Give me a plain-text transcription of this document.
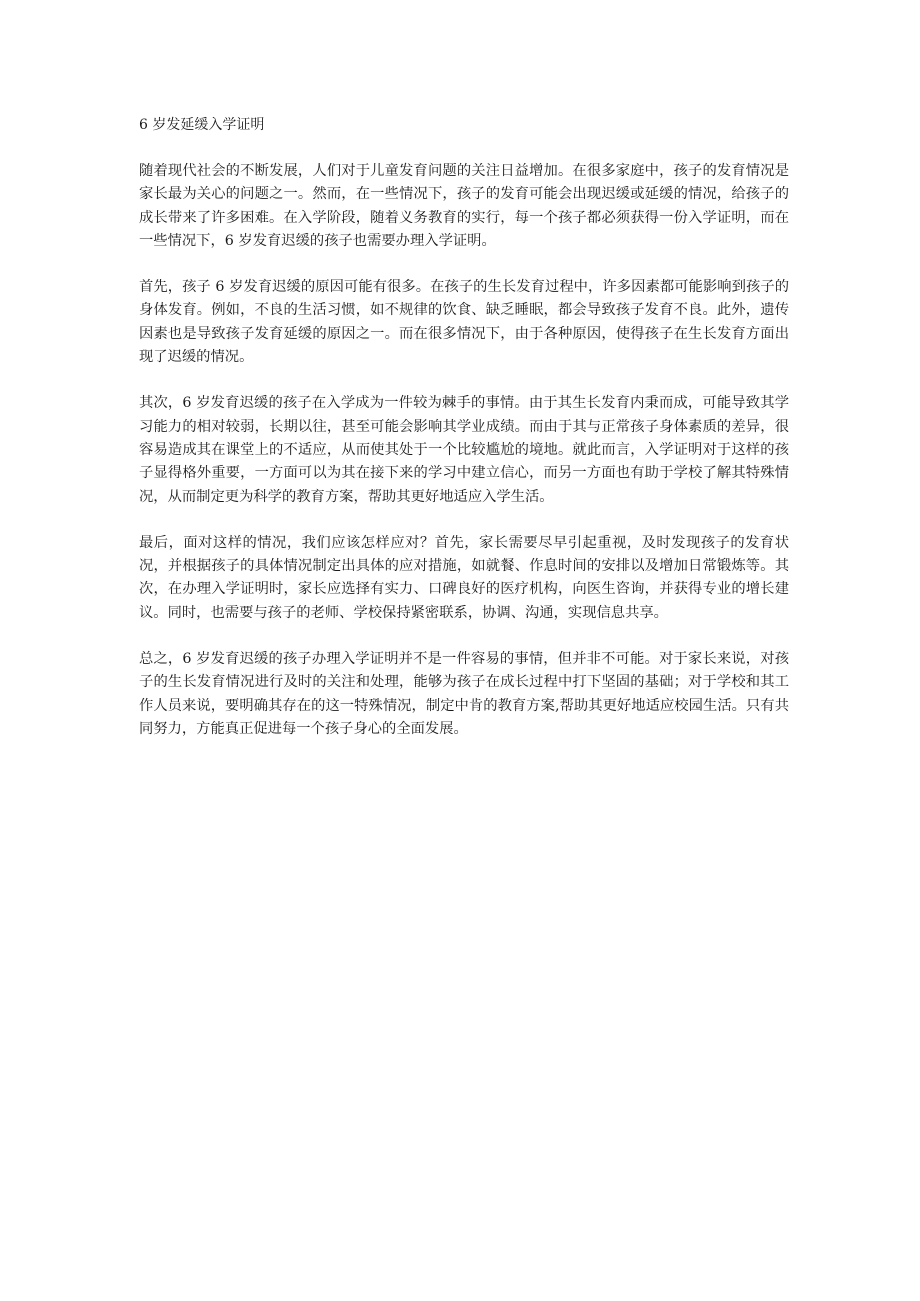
6 岁发延缓入学证明

随着现代社会的不断发展，人们对于儿童发育问题的关注日益增加。在很多家庭中，孩子的发育情况是家长最为关心的问题之一。然而，在一些情况下，孩子的发育可能会出现迟缓或延缓的情况，给孩子的成长带来了许多困难。在入学阶段，随着义务教育的实行，每一个孩子都必须获得一份入学证明，而在一些情况下，6 岁发育迟缓的孩子也需要办理入学证明。

首先，孩子 6 岁发育迟缓的原因可能有很多。在孩子的生长发育过程中，许多因素都可能影响到孩子的身体发育。例如，不良的生活习惯，如不规律的饮食、缺乏睡眠，都会导致孩子发育不良。此外，遗传因素也是导致孩子发育延缓的原因之一。而在很多情况下，由于各种原因，使得孩子在生长发育方面出现了迟缓的情况。

其次，6 岁发育迟缓的孩子在入学成为一件较为棘手的事情。由于其生长发育内秉而成，可能导致其学习能力的相对较弱，长期以往，甚至可能会影响其学业成绩。而由于其与正常孩子身体素质的差异，很容易造成其在课堂上的不适应，从而使其处于一个比较尴尬的境地。就此而言，入学证明对于这样的孩子显得格外重要，一方面可以为其在接下来的学习中建立信心，而另一方面也有助于学校了解其特殊情况，从而制定更为科学的教育方案，帮助其更好地适应入学生活。

最后，面对这样的情况，我们应该怎样应对？首先，家长需要尽早引起重视，及时发现孩子的发育状况，并根据孩子的具体情况制定出具体的应对措施，如就餐、作息时间的安排以及增加日常锻炼等。其次，在办理入学证明时，家长应选择有实力、口碑良好的医疗机构，向医生咨询，并获得专业的增长建议。同时，也需要与孩子的老师、学校保持紧密联系，协调、沟通，实现信息共享。

总之，6 岁发育迟缓的孩子办理入学证明并不是一件容易的事情，但并非不可能。对于家长来说，对孩子的生长发育情况进行及时的关注和处理，能够为孩子在成长过程中打下坚固的基础；对于学校和其工作人员来说，要明确其存在的这一特殊情况，制定中肯的教育方案,帮助其更好地适应校园生活。只有共同努力，方能真正促进每一个孩子身心的全面发展。
